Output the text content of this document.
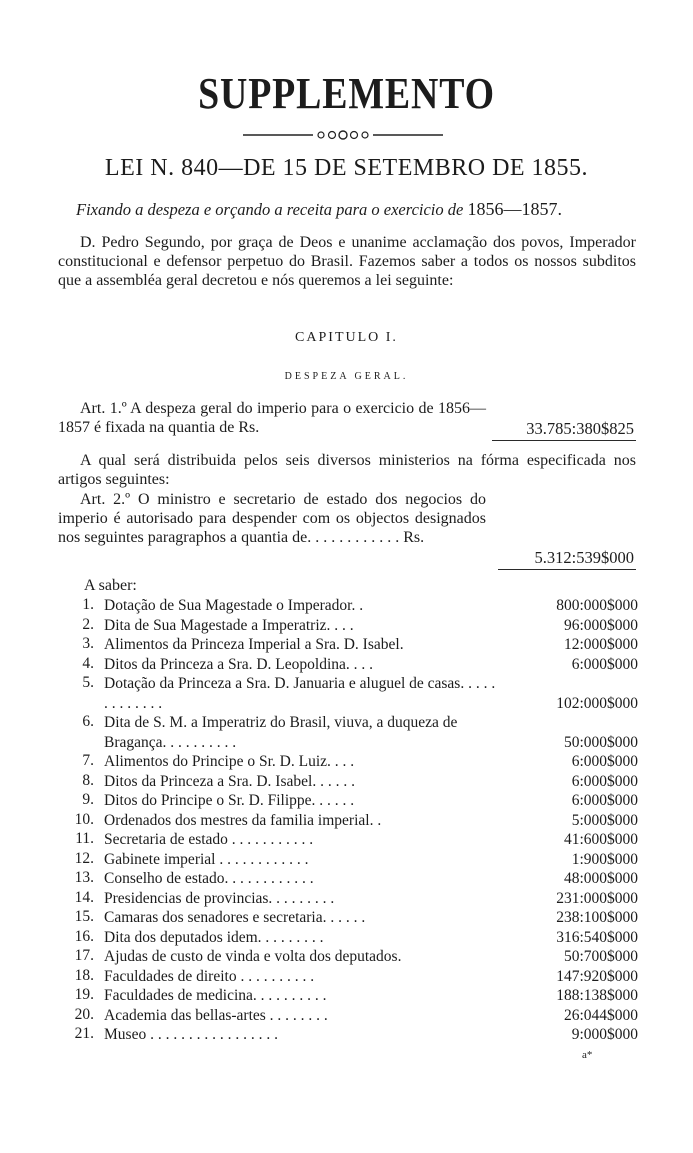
SUPPLEMENTO
LEI N. 840—DE 15 DE SETEMBRO DE 1855.
Fixando a despeza e orçando a receita para o exercicio de 1856—1857.
D. Pedro Segundo, por graça de Deos e unanime acclamação dos povos, Imperador constitucional e defensor perpetuo do Brasil. Fazemos saber a todos os nossos subditos que a assembléa geral decretou e nós queremos a lei seguinte:
CAPITULO I.
DESPEZA GERAL.
Art. 1.º A despeza geral do imperio para o exercicio de 1856—1857 é fixada na quantia de Rs.	33.785:380$825
A qual será distribuida pelos seis diversos ministerios na fórma especificada nos artigos seguintes:
Art. 2.º O ministro e secretario de estado dos negocios do imperio é autorisado para despender com os objectos designados nos seguintes paragraphos a quantia de. . . . . . . . . . . . Rs.
5.312:539$000
A saber:
1. Dotação de Sua Magestade o Imperador. .	800:000$000
2. Dita de Sua Magestade a Imperatriz. . . .	96:000$000
3. Alimentos da Princeza Imperial a Sra. D. Isabel.	12:000$000
4. Ditos da Princeza a Sra. D. Leopoldina. . . .	6:000$000
5. Dotação da Princeza a Sra. D. Januaria e aluguel de casas. . . . . . . . . . . . .	102:000$000
6. Dita de S. M. a Imperatriz do Brasil, viuva, a duqueza de Bragança. . . . . . . . . .	50:000$000
7. Alimentos do Principe o Sr. D. Luiz. . . .	6:000$000
8. Ditos da Princeza a Sra. D. Isabel. . . . . .	6:000$000
9. Ditos do Principe o Sr. D. Filippe. . . . . .	6:000$000
10. Ordenados dos mestres da familia imperial. .	5:000$000
11. Secretaria de estado . . . . . . . . . . .	41:600$000
12. Gabinete imperial . . . . . . . . . . . .	1:900$000
13. Conselho de estado. . . . . . . . . . . .	48:000$000
14. Presidencias de provincias. . . . . . . . .	231:000$000
15. Camaras dos senadores e secretaria. . . . . .	238:100$000
16. Dita dos deputados idem. . . . . . . . .	316:540$000
17. Ajudas de custo de vinda e volta dos deputados.	50:700$000
18. Faculdades de direito . . . . . . . . . .	147:920$000
19. Faculdades de medicina. . . . . . . . . .	188:138$000
20. Academia das bellas-artes . . . . . . . .	26:044$000
21. Museo . . . . . . . . . . . . . . . . .	9:000$000
a*
